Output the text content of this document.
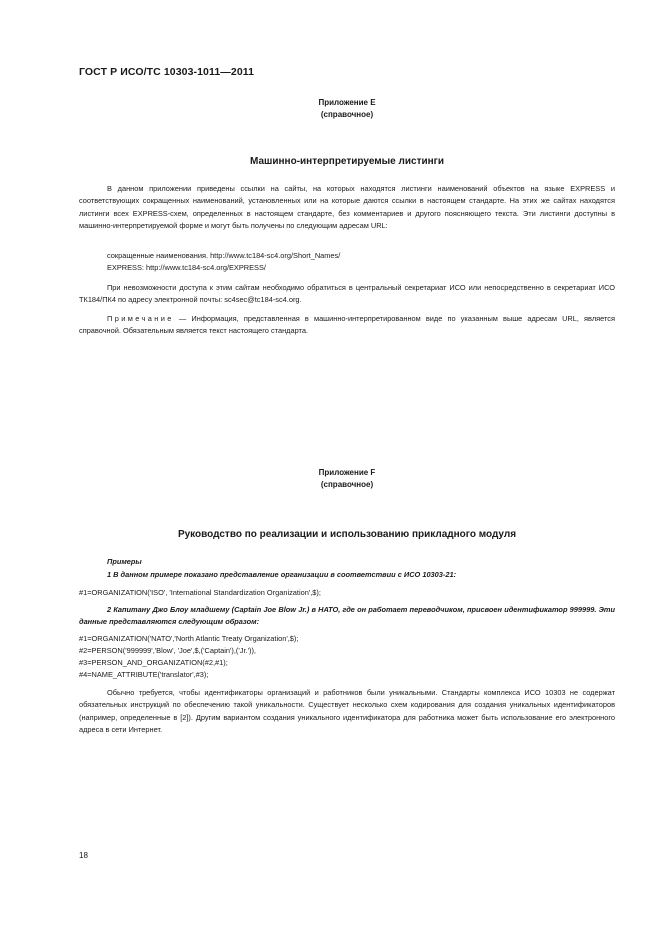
ГОСТ Р ИСО/ТС 10303-1011—2011
Приложение Е
(справочное)
Машинно-интерпретируемые листинги

В данном приложении приведены ссылки на сайты, на которых находятся листинги наименований объектов на языке EXPRESS и соответствующих сокращенных наименований, установленных или на которые даются ссылки в настоящем стандарте. На этих же сайтах находятся листинги всех EXPRESS-схем, определенных в настоящем стандарте, без комментариев и другого поясняющего текста. Эти листинги доступны в машинно-интерпретируемой форме и могут быть получены по следующим адресам URL:

сокращенные наименования. http://www.tc184-sc4.org/Short_Names/
EXPRESS: http://www.tc184-sc4.org/EXPRESS/

При невозможности доступа к этим сайтам необходимо обратиться в центральный секретариат ИСО или непосредственно в секретариат ИСО ТК184/ПК4 по адресу электронной почты: sc4sec@tc184-sc4.org.

Примечание — Информация, представленная в машинно-интерпретированном виде по указанным выше адресам URL, является справочной. Обязательным является текст настоящего стандарта.

Приложение F
(справочное)
Руководство по реализации и использованию прикладного модуля
Примеры

1 В данном примере показано представление организации в соответствии с ИСО 10303-21:

#1=ORGANIZATION('ISO', 'International Standardization Organization',$);

2 Капитану Джо Блоу младшему (Captain Joe Blow Jr.) в НАТО, где он работает переводчиком, присвоен идентификатор 999999. Эти данные представляются следующим образом:

#1=ORGANIZATION('NATO','North Atlantic Treaty Organization',$);
#2=PERSON('999999','Blow', 'Joe',$,('Captain'),('Jr.')),
#3=PERSON_AND_ORGANIZATION(#2,#1);
#4=NAME_ATTRIBUTE('translator',#3);

Обычно требуется, чтобы идентификаторы организаций и работников были уникальными. Стандарты комплекса ИСО 10303 не содержат обязательных инструкций по обеспечению такой уникальности. Существует несколько схем кодирования для создания уникальных идентификаторов (например, определенные в [2]). Другим вариантом создания уникального идентификатора для работника может быть использование его электронного адреса в сети Интернет.

18
